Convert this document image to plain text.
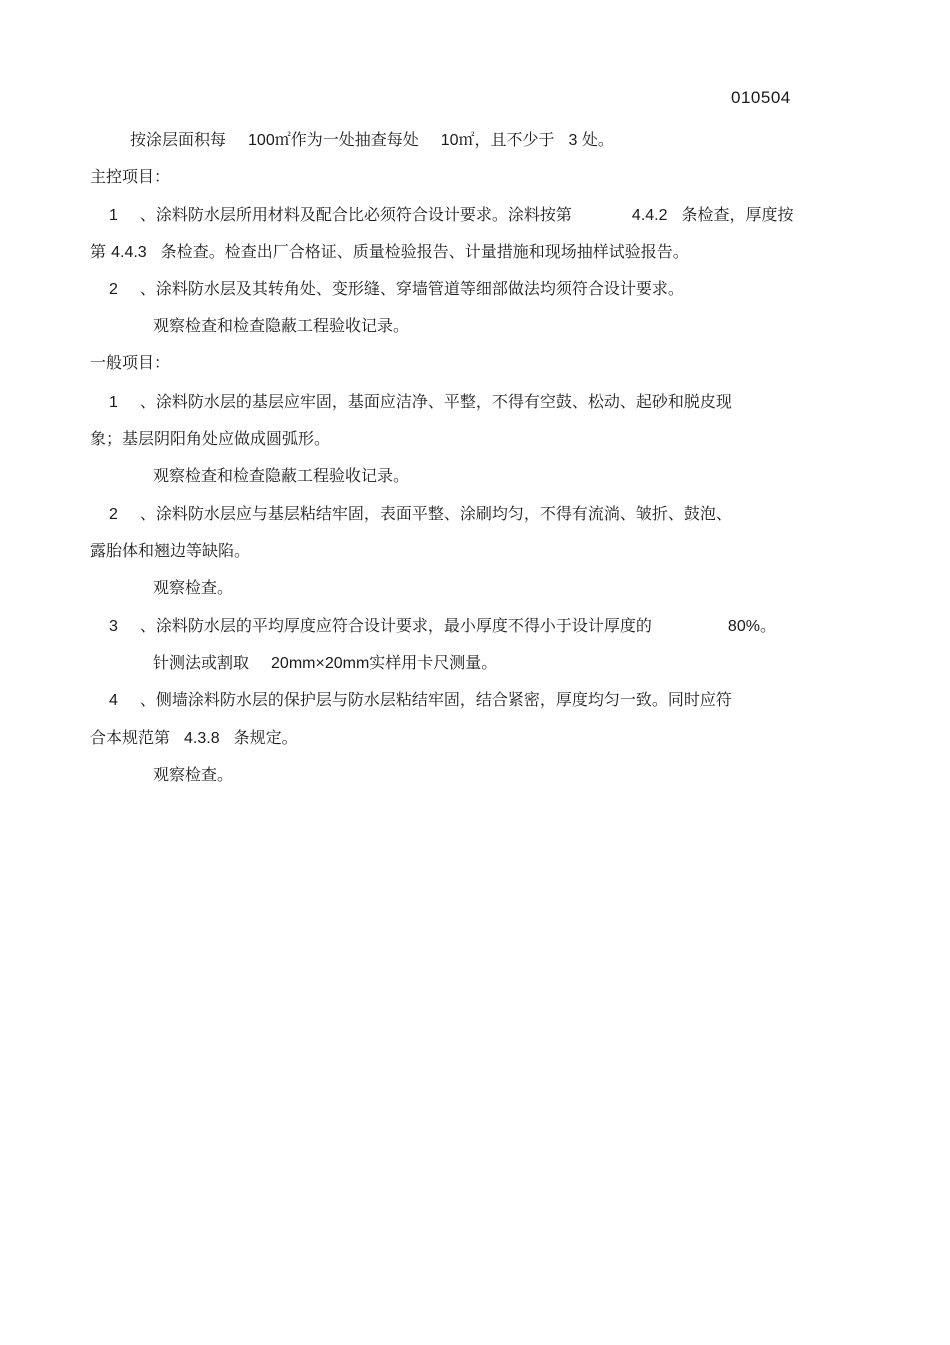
010504
按涂层面积每 100㎡作为一处抽查每处 10㎡，且不少于 3 处。
主控项目：
1 、涂料防水层所用材料及配合比必须符合设计要求。涂料按第	4.4.2 条检查，厚度按
第 4.4.3 条检查。检查出厂合格证、质量检验报告、计量措施和现场抽样试验报告。
2 、涂料防水层及其转角处、变形缝、穿墙管道等细部做法均须符合设计要求。
观察检查和检查隐蔽工程验收记录。
一般项目：
1 、涂料防水层的基层应牢固，基面应洁净、平整，不得有空鼓、松动、起砂和脱皮现
象；基层阴阳角处应做成圆弧形。
观察检查和检查隐蔽工程验收记录。
2 、涂料防水层应与基层粘结牢固，表面平整、涂刷均匀，不得有流淌、皱折、鼓泡、
露胎体和翘边等缺陷。
观察检查。
3 、涂料防水层的平均厚度应符合设计要求，最小厚度不得小于设计厚度的	80%。
针测法或割取 20mm×20mm实样用卡尺测量。
4 、侧墙涂料防水层的保护层与防水层粘结牢固，结合紧密，厚度均匀一致。同时应符
合本规范第 4.3.8 条规定。
观察检查。
